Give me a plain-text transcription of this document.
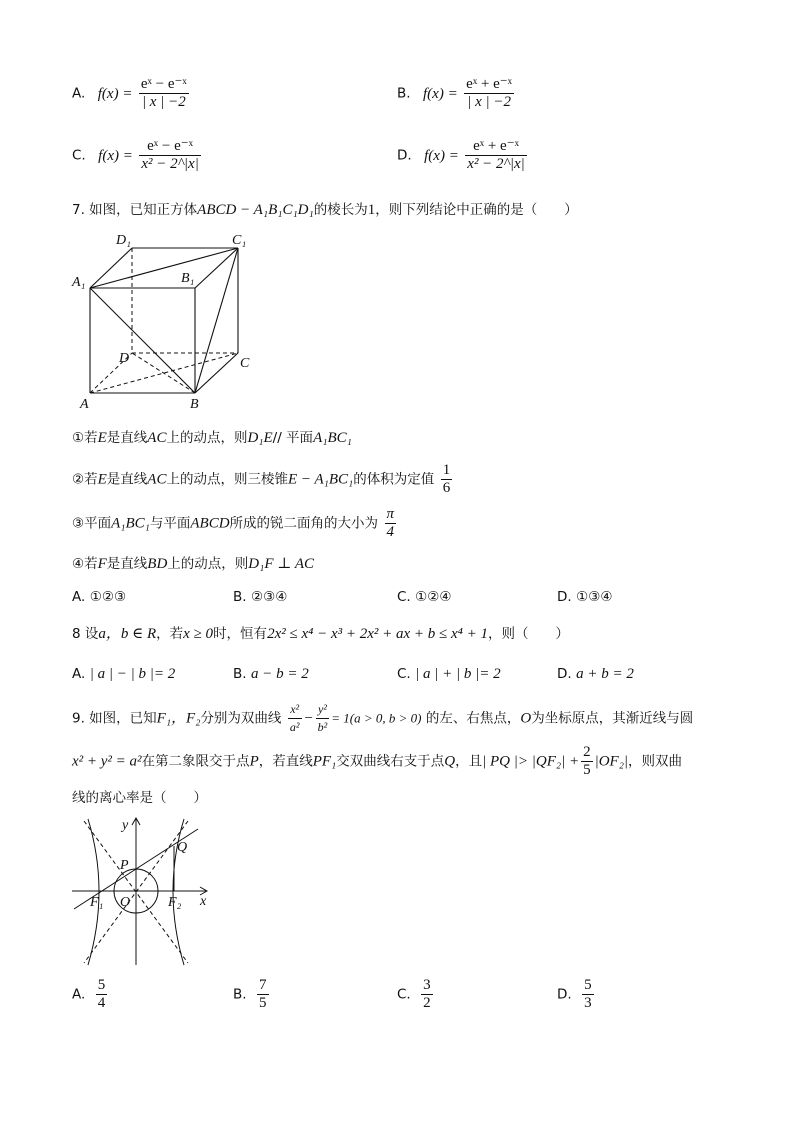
A. $f(x) = \frac{\text{eˣ − e⁻ˣ}}{| x | -2}$	B. $f(x) = \frac{\text{eˣ + e⁻ˣ}}{| x | -2}$
C. $f(x) = \frac{\text{eˣ − e⁻ˣ}}{\text{x² − 2\textasciicircum{}|x|}}$	D. $f(x) = \frac{\text{eˣ + e⁻ˣ}}{\text{x² − 2\textasciicircum{}|x|}}$
7. 如图，已知正方体ABCD − A₁B₁C₁D₁的棱长为1，则下列结论中正确的是（　　）
D₁	C₁
A₁	B₁
D	C
A	B
①若E是直线AC上的动点，则D₁E// 平面A₁BC₁
②若E是直线AC上的动点，则三棱锥E − A₁BC₁的体积为定值 $\frac{1}{6}$
③平面A₁BC₁与平面ABCD所成的锐二面角的大小为 $\frac{\pi}{4}$
④若F是直线BD上的动点，则D₁F ⊥ AC
A. ①②③	B. ②③④	C. ①②④	D. ①③④
8 设a，b ∈ R，若x ≥ 0时，恒有2x² ≤ x⁴ − x³ + 2x² + ax + b ≤ x⁴ + 1，则（　　）
A. | a | − | b |= 2	B. a − b = 2	C. | a | + | b |= 2	D. a + b = 2
9. 如图，已知F₁，F₂分别为双曲线 $\frac{\text{x²}}{\text{a²}} - \frac{\text{y²}}{\text{b²}} = 1(a > 0$, b > 0) 的左、右焦点，O为坐标原点，其渐近线与圆
x² + y² = a²在第二象限交于点P，若直线PF₁交双曲线右支于点Q，且| PQ |> $|QF_2| + \frac{2}{5} |OF_2|$，则双曲
线的离心率是（　　）
y
x
P
Q
O
F₁	F₂
A. $\frac{5}{4}$	B. $\frac{7}{5}$	C. $\frac{3}{2}$	D. $\frac{5}{3}$
